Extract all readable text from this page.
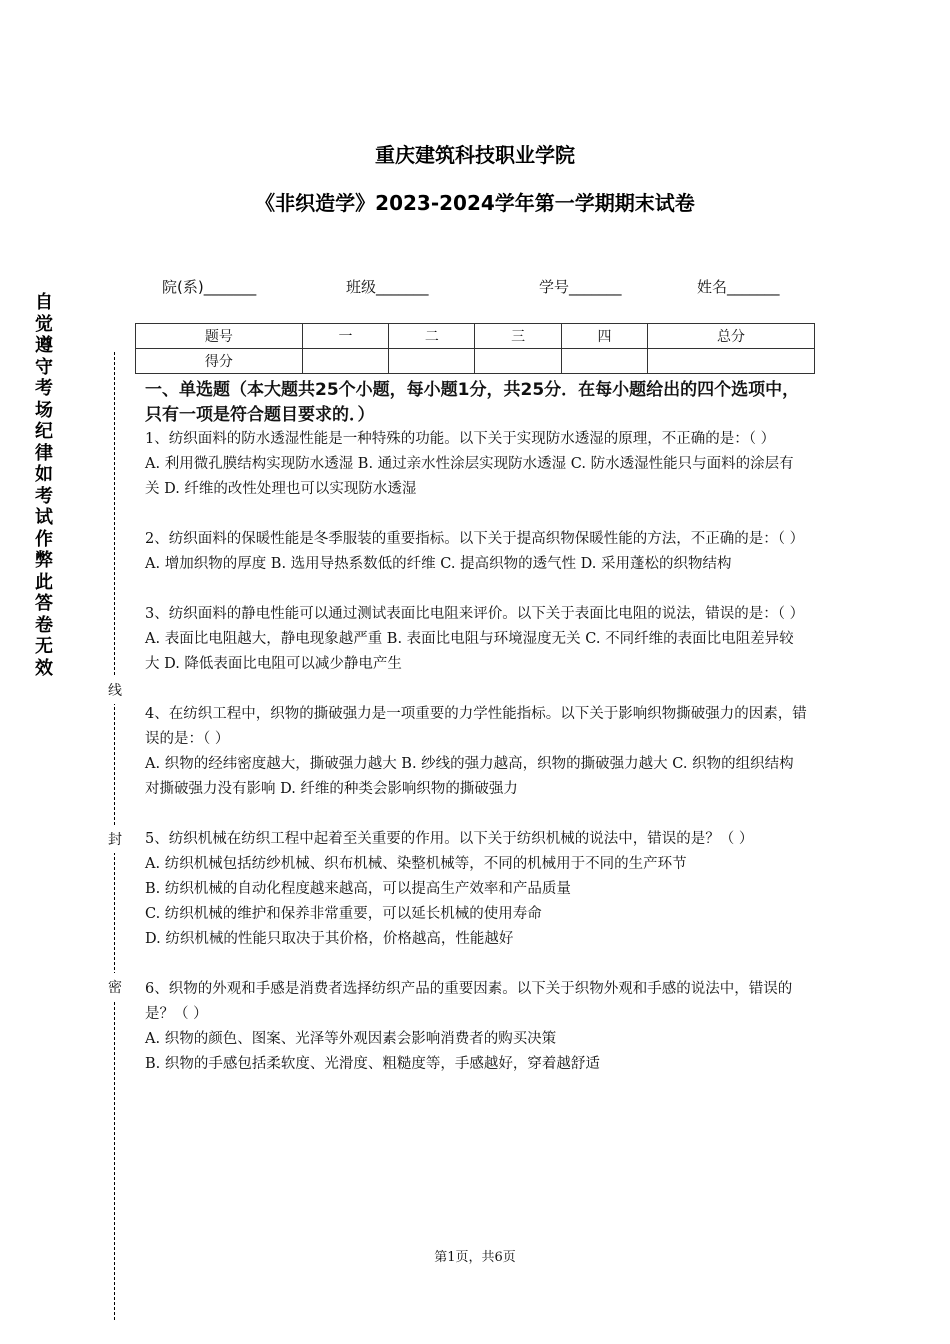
自觉遵守考场纪律如考试作弊此答卷无效
线
封
密
重庆建筑科技职业学院
《非织造学》2023-2024学年第一学期期末试卷
院(系)_______	班级_______	学号_______	姓名_______
题号	一	二	三	四	总分
得分					
一、单选题（本大题共25个小题，每小题1分，共25分．在每小题给出的四个选项中，只有一项是符合题目要求的．）

1、纺织面料的防水透湿性能是一种特殊的功能。以下关于实现防水透湿的原理，不正确的是：（ ）

A. 利用微孔膜结构实现防水透湿 B. 通过亲水性涂层实现防水透湿 C. 防水透湿性能只与面料的涂层有关 D. 纤维的改性处理也可以实现防水透湿

2、纺织面料的保暖性能是冬季服装的重要指标。以下关于提高织物保暖性能的方法，不正确的是：（ ）

A. 增加织物的厚度 B. 选用导热系数低的纤维 C. 提高织物的透气性 D. 采用蓬松的织物结构

3、纺织面料的静电性能可以通过测试表面比电阻来评价。以下关于表面比电阻的说法，错误的是：（ ）

A. 表面比电阻越大，静电现象越严重 B. 表面比电阻与环境湿度无关 C. 不同纤维的表面比电阻差异较大 D. 降低表面比电阻可以减少静电产生

4、在纺织工程中，织物的撕破强力是一项重要的力学性能指标。以下关于影响织物撕破强力的因素，错误的是：（ ）

A. 织物的经纬密度越大，撕破强力越大 B. 纱线的强力越高，织物的撕破强力越大 C. 织物的组织结构对撕破强力没有影响 D. 纤维的种类会影响织物的撕破强力

5、纺织机械在纺织工程中起着至关重要的作用。以下关于纺织机械的说法中，错误的是？（ ）

A. 纺织机械包括纺纱机械、织布机械、染整机械等，不同的机械用于不同的生产环节

B. 纺织机械的自动化程度越来越高，可以提高生产效率和产品质量

C. 纺织机械的维护和保养非常重要，可以延长机械的使用寿命

D. 纺织机械的性能只取决于其价格，价格越高，性能越好

6、织物的外观和手感是消费者选择纺织产品的重要因素。以下关于织物外观和手感的说法中，错误的是？（ ）

A. 织物的颜色、图案、光泽等外观因素会影响消费者的购买决策

B. 织物的手感包括柔软度、光滑度、粗糙度等，手感越好，穿着越舒适

第1页，共6页
